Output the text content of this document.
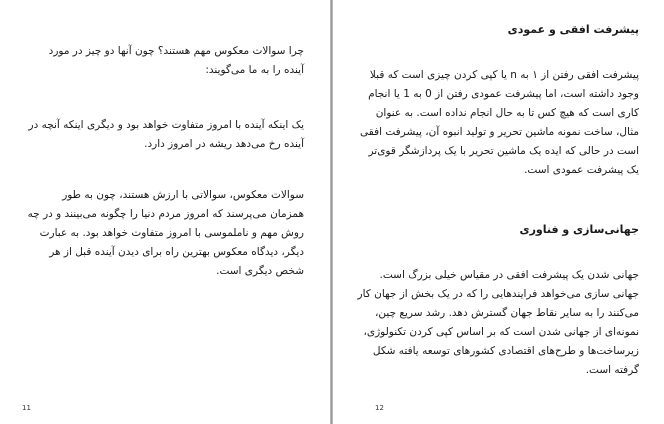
چرا سوالات معکوس مهم هستند؟ چون آنها دو چیز در مورد آینده را به ما می‌گویند:

یک اینکه آینده با امروز متفاوت خواهد بود و دیگری اینکه آنچه در آینده رخ می‌دهد ریشه در امروز دارد.

سوالات معکوس، سوالاتی با ارزش هستند، چون به طور همزمان می‌پرسند که امروز مردم دنیا را چگونه می‌بینند و در چه روش مهم و ناملموسی با امروز متفاوت خواهد بود. به عبارت دیگر، دیدگاه معکوس بهترین راه برای دیدن آینده قبل از هر شخص دیگری است.

11
پیشرفت افقی و عمودی

پیشرفت افقی رفتن از ۱ به n یا کپی کردن چیزی است که قبلا وجود داشته است، اما پیشرفت عمودی رفتن از 0 به 1 یا انجام کاری است که هیچ کس تا به حال انجام نداده است. به عنوان مثال، ساخت نمونه ماشین تحریر و تولید انبوه آن، پیشرفت افقی است در حالی که ایده یک ماشین تحریر با یک پردازشگر قوی‌تر یک پیشرفت عمودی است.

جهانی‌سازی و فناوری

جهانی شدن یک پیشرفت افقی در مقیاس خیلی بزرگ است. جهانی سازی می‌خواهد فرایندهایی را که در یک بخش از جهان کار می‌کنند را به سایر نقاط جهان گسترش دهد. رشد سریع چین، نمونه‌ای از جهانی شدن است که بر اساس کپی کردن تکنولوژی، زیرساخت‌ها و طرح‌های اقتصادی کشورهای توسعه یافته شکل گرفته است.

12
